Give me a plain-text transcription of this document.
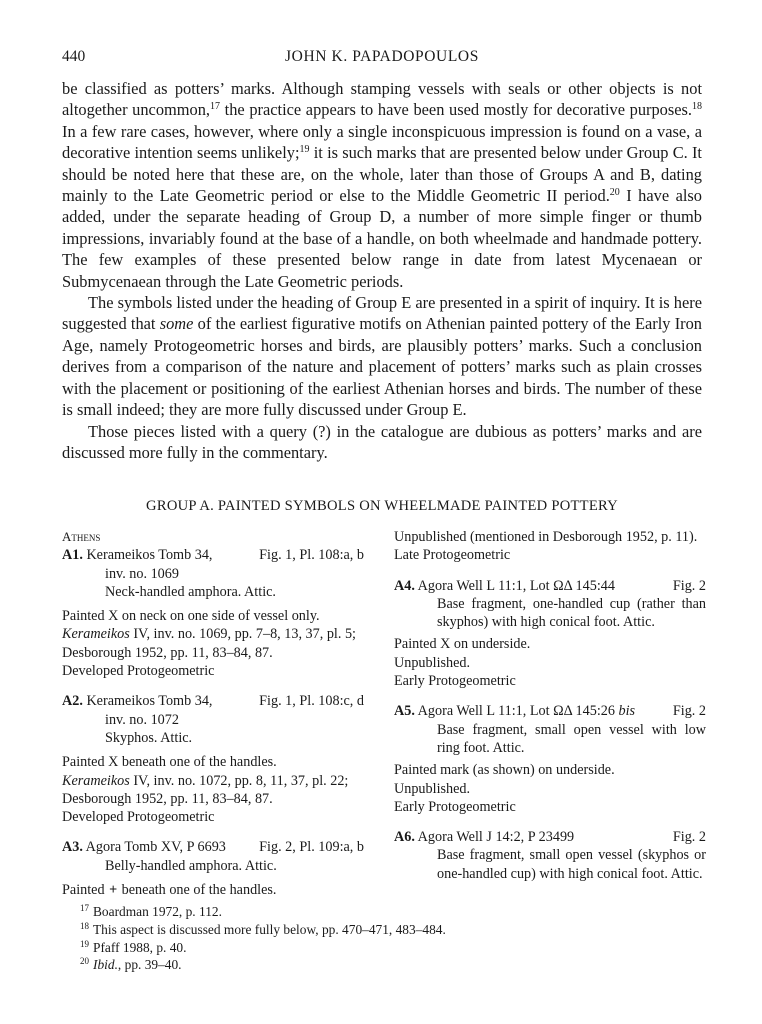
440	JOHN K. PAPADOPOULOS

be classified as potters’ marks. Although stamping vessels with seals or other objects is not altogether uncommon,$^{17}$ the practice appears to have been used mostly for decorative purposes.$^{18}$ In a few rare cases, however, where only a single inconspicuous impression is found on a vase, a decorative intention seems unlikely;$^{19}$ it is such marks that are presented below under Group C. It should be noted here that these are, on the whole, later than those of Groups A and B, dating mainly to the Late Geometric period or else to the Middle Geometric II period.$^{20}$ I have also added, under the separate heading of Group D, a number of more simple finger or thumb impressions, invariably found at the base of a handle, on both wheelmade and handmade pottery. The few examples of these presented below range in date from latest Mycenaean or Submycenaean through the Late Geometric periods.

The symbols listed under the heading of Group E are presented in a spirit of inquiry. It is here suggested that some of the earliest figurative motifs on Athenian painted pottery of the Early Iron Age, namely Protogeometric horses and birds, are plausibly potters’ marks. Such a conclusion derives from a comparison of the nature and placement of potters’ marks such as plain crosses with the placement or positioning of the earliest Athenian horses and birds. The number of these is small indeed; they are more fully discussed under Group E.

Those pieces listed with a query (?) in the catalogue are dubious as potters’ marks and are discussed more fully in the commentary.

GROUP A. PAINTED SYMBOLS ON WHEELMADE PAINTED POTTERY
Athens
A1. Kerameikos Tomb 34,	Fig. 1, Pl. 108:a, b
inv. no. 1069
Neck-handled amphora. Attic.
Painted X on neck on one side of vessel only.
Kerameikos IV, inv. no. 1069, pp. 7–8, 13, 37, pl. 5;
Desborough 1952, pp. 11, 83–84, 87.
Developed Protogeometric
A2. Kerameikos Tomb 34,	Fig. 1, Pl. 108:c, d
inv. no. 1072
Skyphos. Attic.
Painted X beneath one of the handles.
Kerameikos IV, inv. no. 1072, pp. 8, 11, 37, pl. 22;
Desborough 1952, pp. 11, 83–84, 87.
Developed Protogeometric
A3. Agora Tomb XV, P 6693 Fig. 2, Pl. 109:a, b
Belly-handled amphora. Attic.
Painted + beneath one of the handles.
Unpublished (mentioned in Desborough 1952, p. 11).
Late Protogeometric
A4. Agora Well L 11:1, Lot ΩΔ 145:44	Fig. 2
Base fragment, one-handled cup (rather than skyphos) with high conical foot. Attic.
Painted X on underside.
Unpublished.
Early Protogeometric
A5. Agora Well L 11:1, Lot ΩΔ 145:26 bis	Fig. 2
Base fragment, small open vessel with low ring foot. Attic.
Painted mark (as shown) on underside.
Unpublished.
Early Protogeometric
A6. Agora Well J 14:2, P 23499	Fig. 2
Base fragment, small open vessel (skyphos or one-handled cup) with high conical foot. Attic.
$^{17}$ Boardman 1972, p. 112.
$^{18}$ This aspect is discussed more fully below, pp. 470–471, 483–484.
$^{19}$ Pfaff 1988, p. 40.
$^{20}$ Ibid., pp. 39–40.
